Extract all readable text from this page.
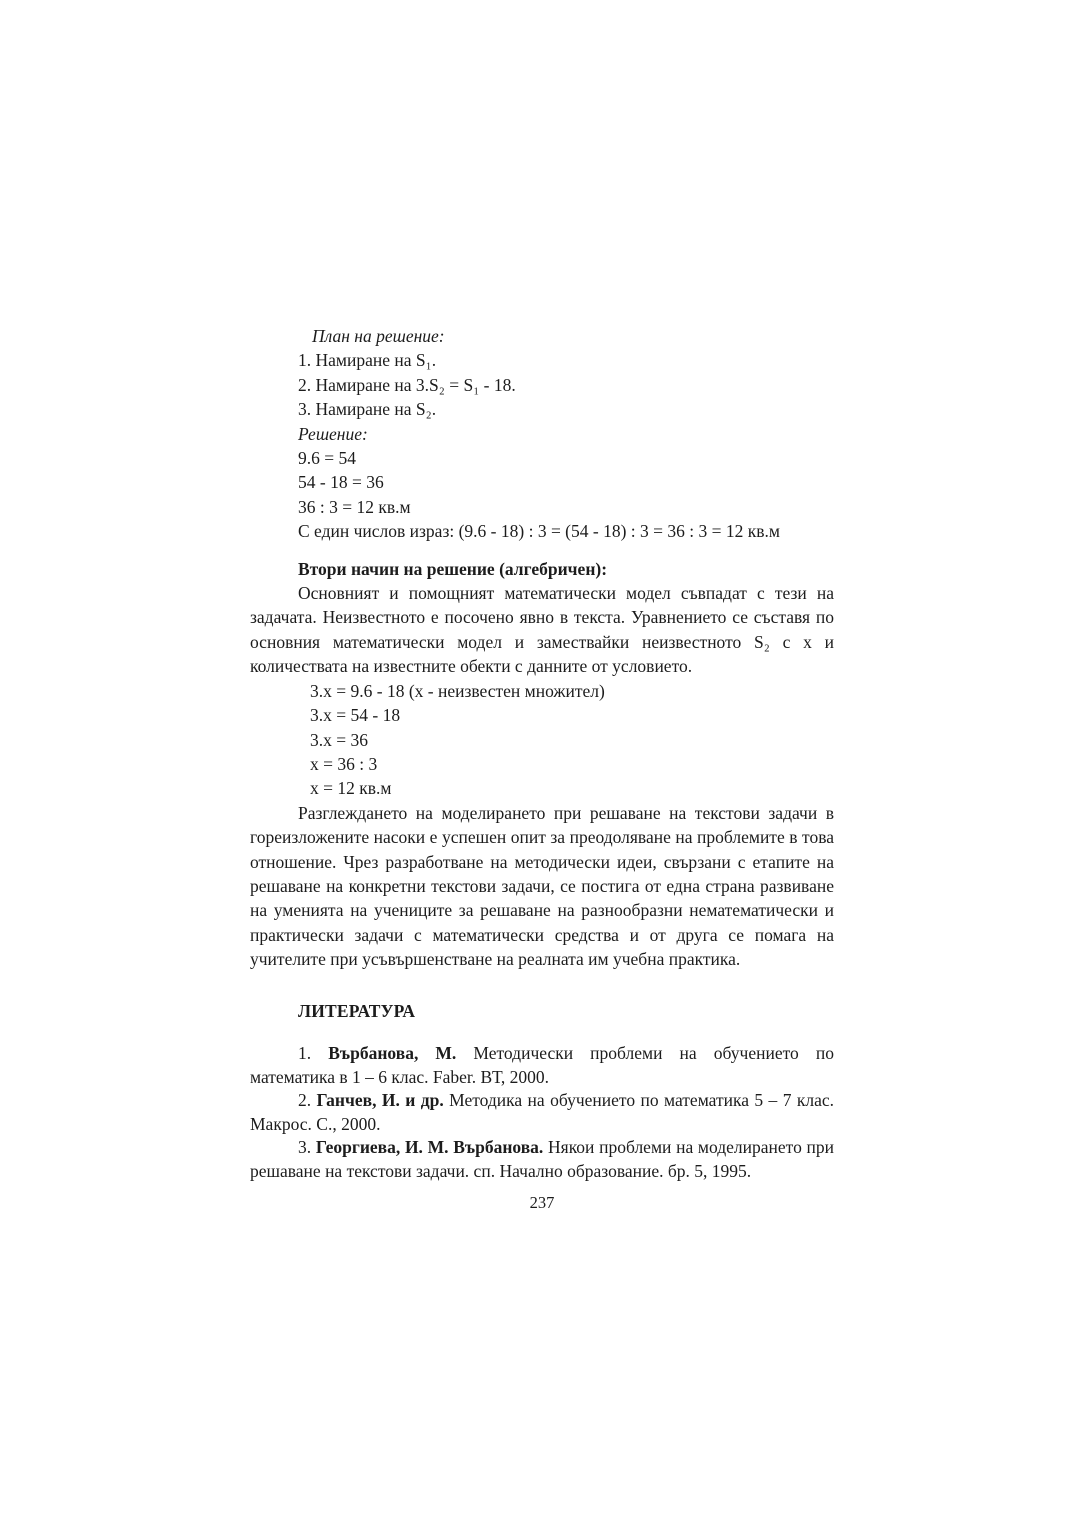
План на решение:
1. Намиране на S₁.
2. Намиране на 3.S₂ = S₁ - 18.
3. Намиране на S₂.
Решение:
9.6 = 54
54 - 18 = 36
36 : 3 = 12 кв.м
С един числов израз: (9.6 - 18) : 3 = (54 - 18) : 3 = 36 : 3 = 12 кв.м
Втори начин на решение (алгебричен):
Основният и помощният математически модел съвпадат с тези на задачата. Неизвестното е посочено явно в текста. Уравнението се съставя по основния математически модел и замествайки неизвестното S₂ с x и количествата на известните обекти с данните от условието.
3.x = 9.6 - 18 (x - неизвестен множител)
3.x = 54 - 18
3.x = 36
x = 36 : 3
x = 12 кв.м
Разглеждането на моделирането при решаване на текстови задачи в гореизложените насоки е успешен опит за преодоляване на проблемите в това отношение. Чрез разработване на методически идеи, свързани с етапите на решаване на конкретни текстови задачи, се постига от една страна развиване на уменията на учениците за решаване на разнообразни нематематически и практически задачи с математически средства и от друга се помага на учителите при усъвършенстване на реалната им учебна практика.
ЛИТЕРАТУРА
1. Върбанова, М. Методически проблеми на обучението по математика в 1 – 6 клас. Faber. ВТ, 2000.
2. Ганчев, И. и др. Методика на обучението по математика 5 – 7 клас. Макрос. С., 2000.
3. Георгиева, И. М. Върбанова. Някои проблеми на моделирането при решаване на текстови задачи. сп. Начално образование. бр. 5, 1995.
237
